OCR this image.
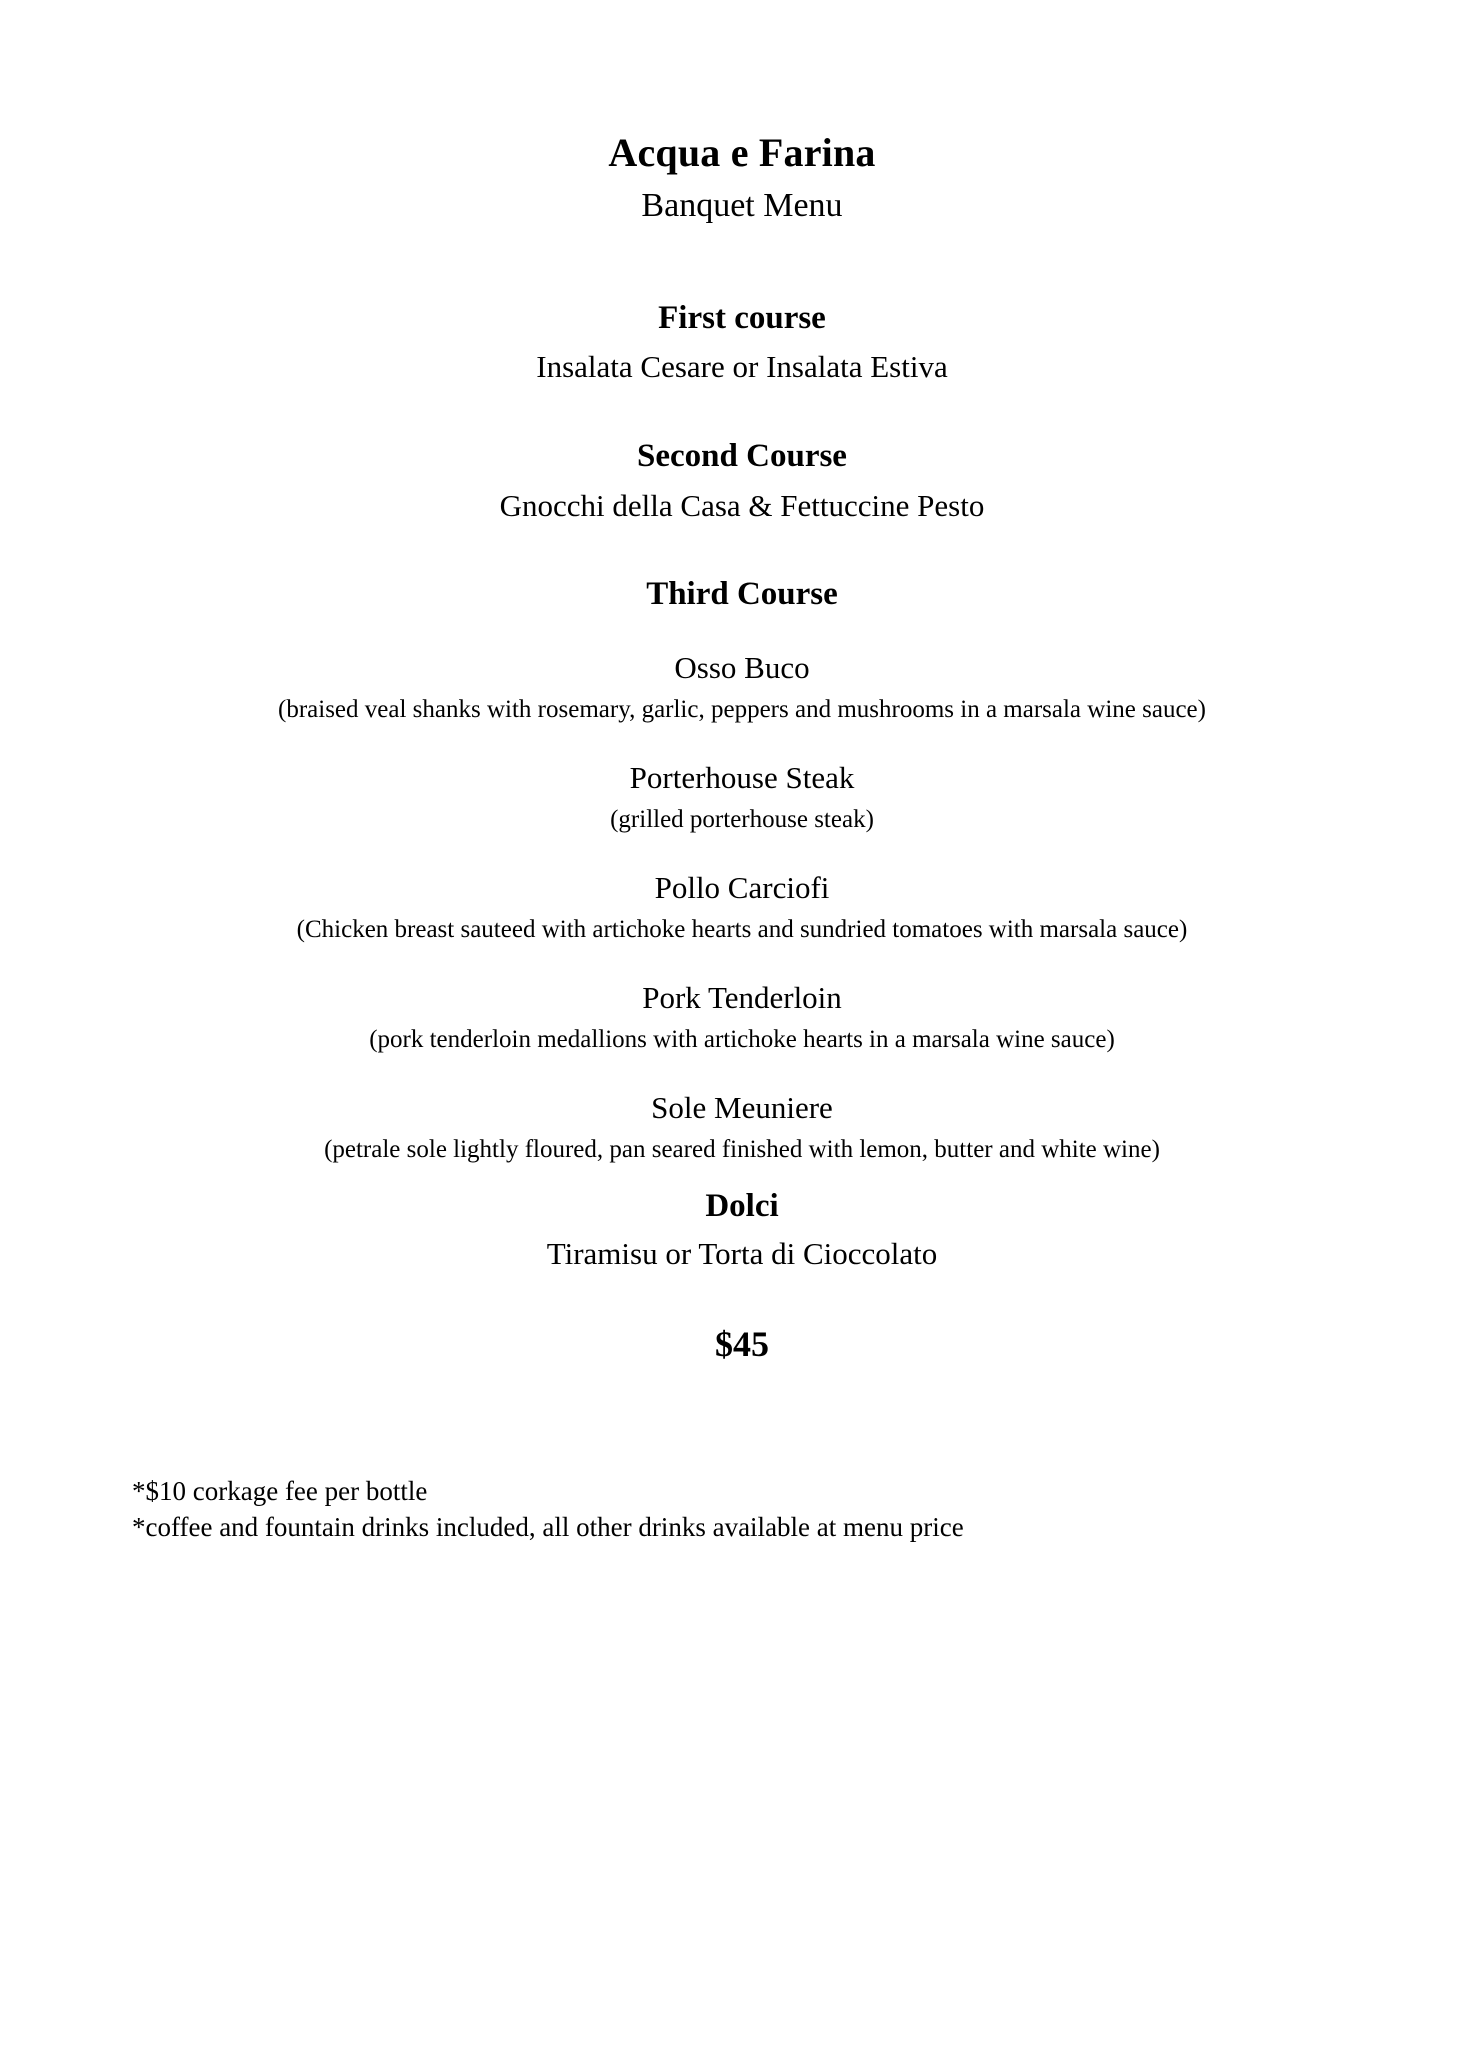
Acqua e Farina
Banquet Menu
First course
Insalata Cesare or Insalata Estiva
Second Course
Gnocchi della Casa & Fettuccine Pesto
Third Course
Osso Buco
(braised veal shanks with rosemary, garlic, peppers and mushrooms in a marsala wine sauce)
Porterhouse Steak
(grilled porterhouse steak)
Pollo Carciofi
(Chicken breast sauteed with artichoke hearts and sundried tomatoes with marsala sauce)
Pork Tenderloin
(pork tenderloin medallions with artichoke hearts in a marsala wine sauce)
Sole Meuniere
(petrale sole lightly floured, pan seared finished with lemon, butter and white wine)
Dolci
Tiramisu or Torta di Cioccolato
$45
*$10 corkage fee per bottle
*coffee and fountain drinks included, all other drinks available at menu price
